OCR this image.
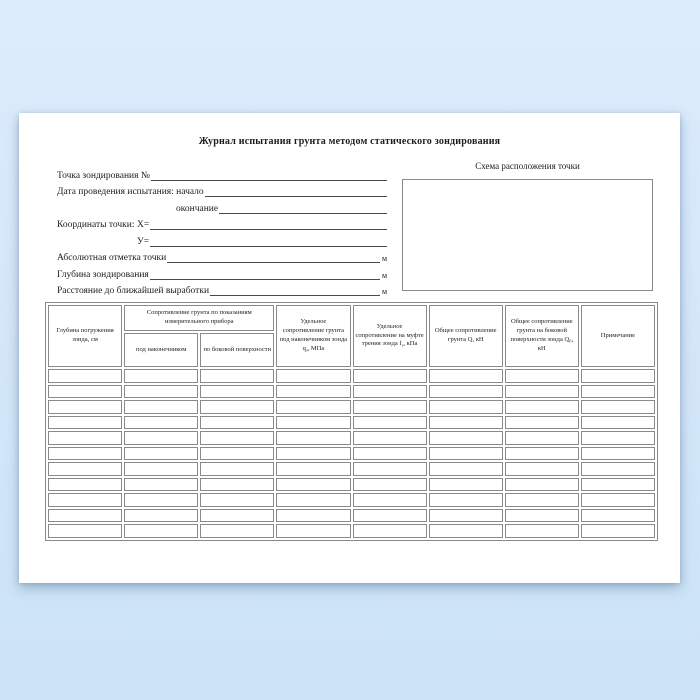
Журнал испытания грунта методом статического зондирования
Точка зондирования №
Дата проведения испытания: начало
окончание
Координаты точки: Х=
У=
Абсолютная отметка точки	м
Глубина зондирования	м
Расстояние до ближайшей выработки	м
Схема расположения точки
Глубина погружения зонда, см	Сопротивление грунта по показаниям измерительного прибора		Удельное сопротивление грунта под наконечником зонда $q_з$, МПа	Удельное сопротивление на муфте трения зонда $f_з$, кПа	Общее сопротивление грунта Q, кН	Общее сопротивление грунта на боковой поверхности зонда $Q_б$, кН	Примечание
	под наконечником	по боковой поверхности					
